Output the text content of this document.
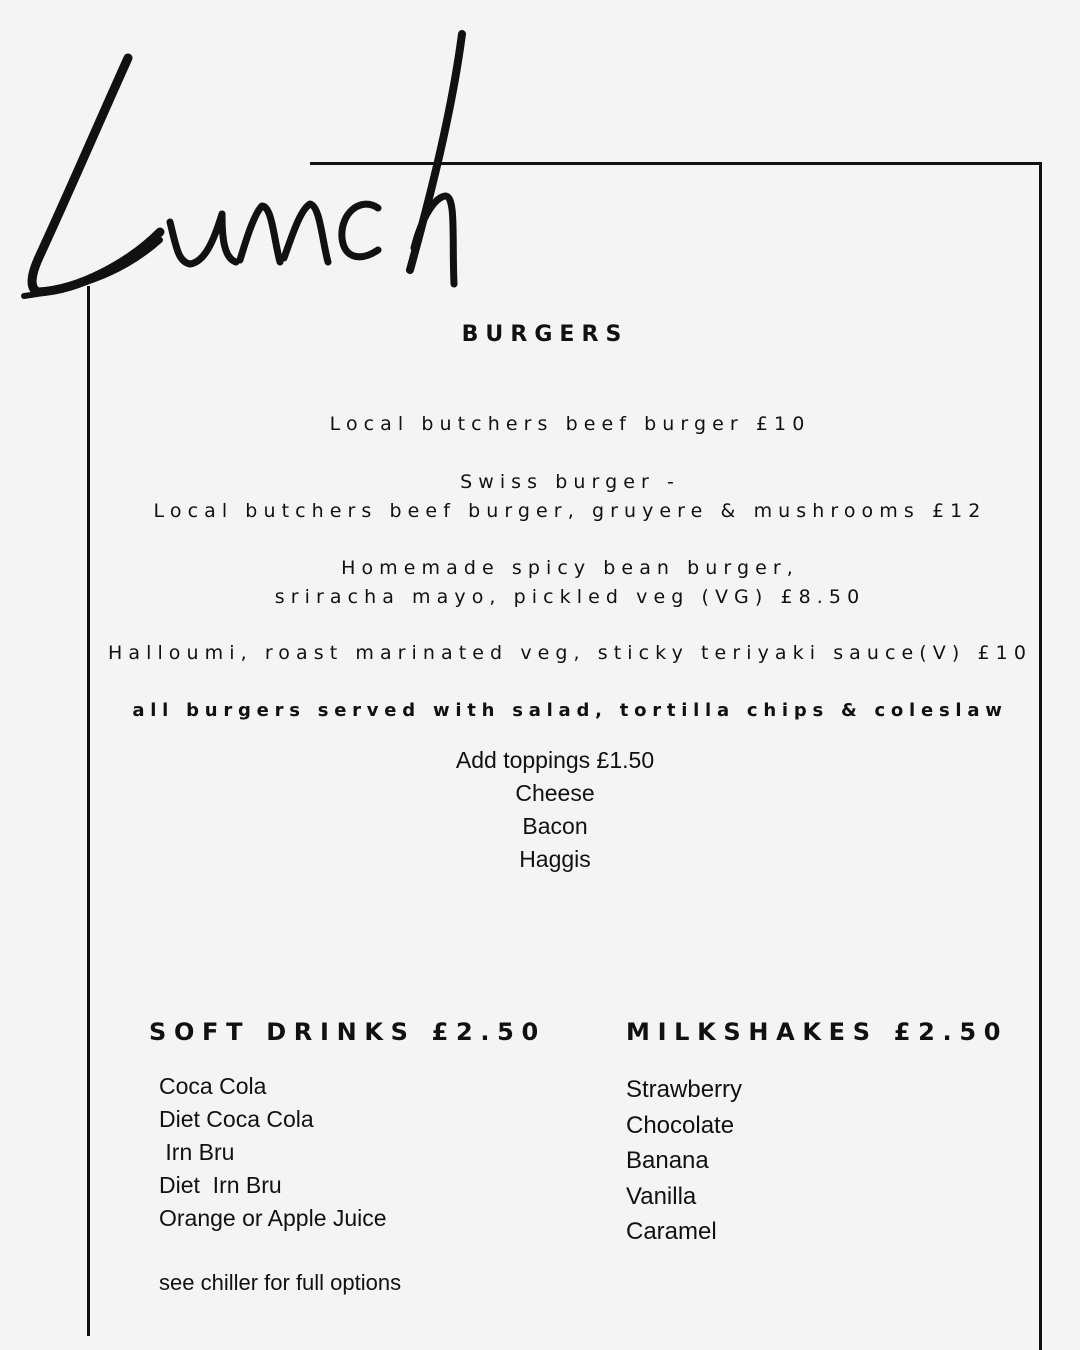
BURGERS
Local butchers beef burger £10
Swiss burger -
Local butchers beef burger, gruyere & mushrooms £12
Homemade spicy bean burger,
sriracha mayo, pickled veg (VG) £8.50
Halloumi, roast marinated veg, sticky teriyaki sauce(V) £10
all burgers served with salad, tortilla chips & coleslaw
Add toppings £1.50
Cheese
Bacon
Haggis
SOFT DRINKS £2.50
Coca Cola
Diet Coca Cola
Irn Bru
Diet  Irn Bru
Orange or Apple Juice
see chiller for full options
MILKSHAKES £2.50
Strawberry
Chocolate
Banana
Vanilla
Caramel
